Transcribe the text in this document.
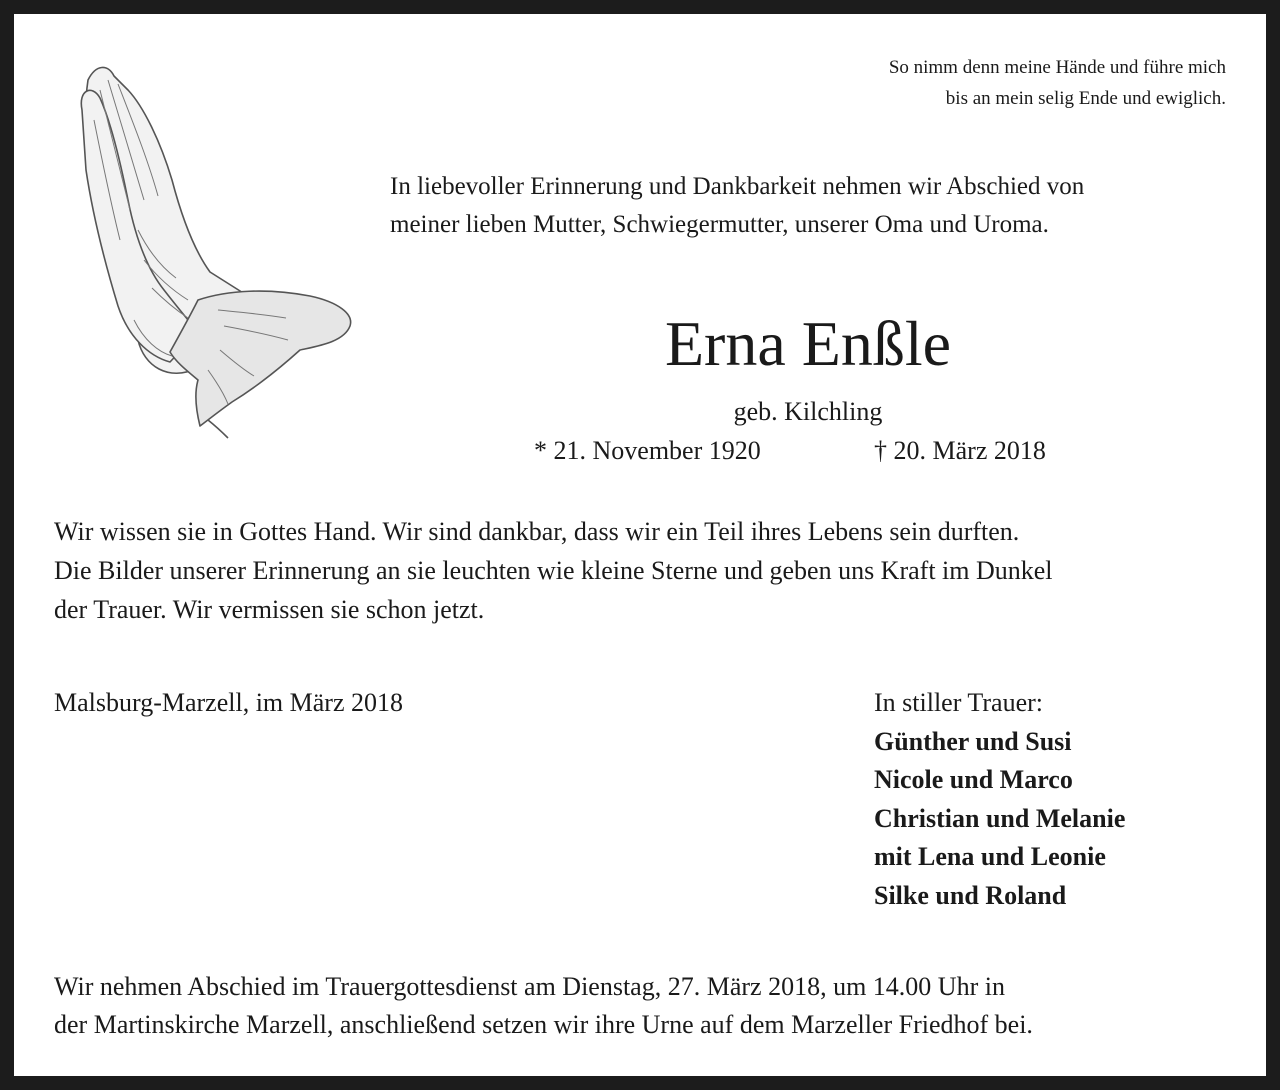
So nimm denn meine Hände und führe mich
bis an mein selig Ende und ewiglich.
In liebevoller Erinnerung und Dankbarkeit nehmen wir Abschied von
meiner lieben Mutter, Schwiegermutter, unserer Oma und Uroma.
Erna Enßle
geb. Kilchling
* 21. November 1920	† 20. März 2018
Wir wissen sie in Gottes Hand. Wir sind dankbar, dass wir ein Teil ihres Lebens sein durften.
Die Bilder unserer Erinnerung an sie leuchten wie kleine Sterne und geben uns Kraft im Dunkel
der Trauer. Wir vermissen sie schon jetzt.
Malsburg-Marzell, im März 2018	In stiller Trauer:
Günther und Susi
Nicole und Marco
Christian und Melanie
mit Lena und Leonie
Silke und Roland
Wir nehmen Abschied im Trauergottesdienst am Dienstag, 27. März 2018, um 14.00 Uhr in
der Martinskirche Marzell, anschließend setzen wir ihre Urne auf dem Marzeller Friedhof bei.
